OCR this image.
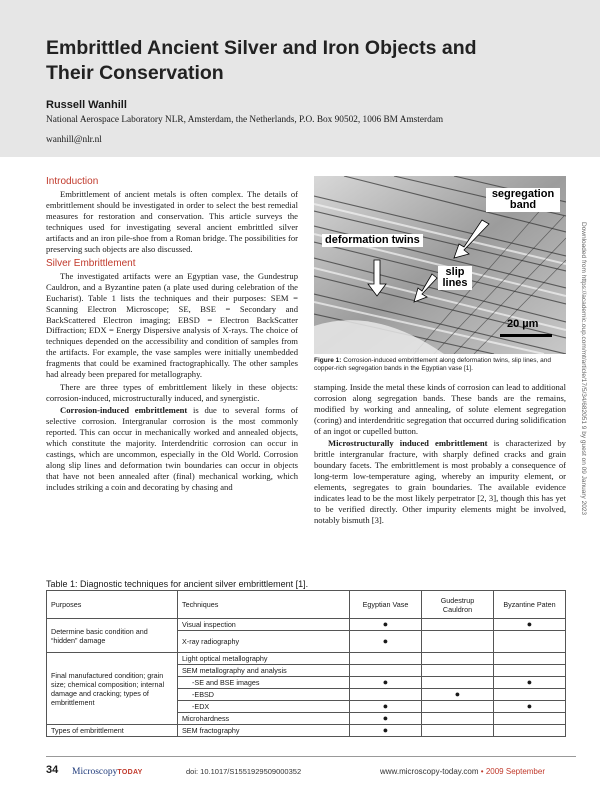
Embrittled Ancient Silver and Iron Objects and Their Conservation
Russell Wanhill
National Aerospace Laboratory NLR, Amsterdam, the Netherlands, P.O. Box 90502, 1006 BM Amsterdam
wanhill@nlr.nl
Introduction

Embrittlement of ancient metals is often complex. The details of embrittlement should be investigated in order to select the best remedial measures for restoration and conservation. This article surveys the techniques used for investigating several ancient embrittled silver artifacts and an iron pile-shoe from a Roman bridge. The possibilities for preserving such objects are also discussed.

Silver Embrittlement

The investigated artifacts were an Egyptian vase, the Gundestrup Cauldron, and a Byzantine paten (a plate used during celebration of the Eucharist). Table 1 lists the techniques and their purposes: SEM = Scanning Electron Microscope; SE, BSE = Secondary and BackScattered Electron imaging; EBSD = Electron BackScatter Diffraction; EDX = Energy Dispersive analysis of X-rays. The choice of techniques depended on the accessibility and condition of samples from the artifacts. For example, the vase samples were initially unembedded fragments that could be examined fractographically. The other samples had already been prepared for metallography.

There are three types of embrittlement likely in these objects: corrosion-induced, microstructurally induced, and synergistic.

Corrosion-induced embrittlement is due to several forms of selective corrosion. Intergranular corrosion is the most commonly reported. This can occur in mechanically worked and annealed objects, which constitute the majority. Interdendritic corrosion can occur in castings, which are uncommon, especially in the Old World. Corrosion along slip lines and deformation twin boundaries can occur in objects that have not been annealed after (final) mechanical working, which includes striking a coin and decorating by chasing and

segregation band
deformation twins
slip lines
20 µm
Figure 1: Corrosion-induced embrittlement along deformation twins, slip lines, and copper-rich segregation bands in the Egyptian vase [1].

stamping. Inside the metal these kinds of corrosion can lead to additional corrosion along segregation bands. These bands are the remains, modified by working and annealing, of solute element segregation (coring) and interdendritic segregation that occurred during solidification of an ingot or cupelled button.

Microstructurally induced embrittlement is characterized by brittle intergranular fracture, with sharply defined cracks and grain boundary facets. The embrittlement is most probably a consequence of long-term low-temperature aging, whereby an impurity element, or elements, segregates to grain boundaries. The available evidence indicates lead to be the most likely perpetrator [2, 3], though this has yet to be verified directly. Other impurity elements might be involved, notably bismuth [3].

Table 1: Diagnostic techniques for ancient silver embrittlement [1].
Purposes	Techniques	Egyptian Vase	Gudestrup Cauldron	Byzantine Paten
Determine basic condition and “hidden” damage	Visual inspection	●		●
	X-ray radiography	●		
Final manufactured condition; grain size; chemical composition; internal damage and cracking; types of embrittlement	Light optical metallography			
	SEM metallography and analysis			
	-SE and BSE images	●		●
	-EBSD		●	
	-EDX	●		●
	Microhardness	●		
Types of embrittlement	SEM fractography	●		
Downloaded from https://academic.oup.com/mt/article/17/5/34/682051 9 by guest on 09 January 2023
34 MicroscopyTODAY	doi: 10.1017/S1551929509000352	www.microscopy-today.com • 2009 September
